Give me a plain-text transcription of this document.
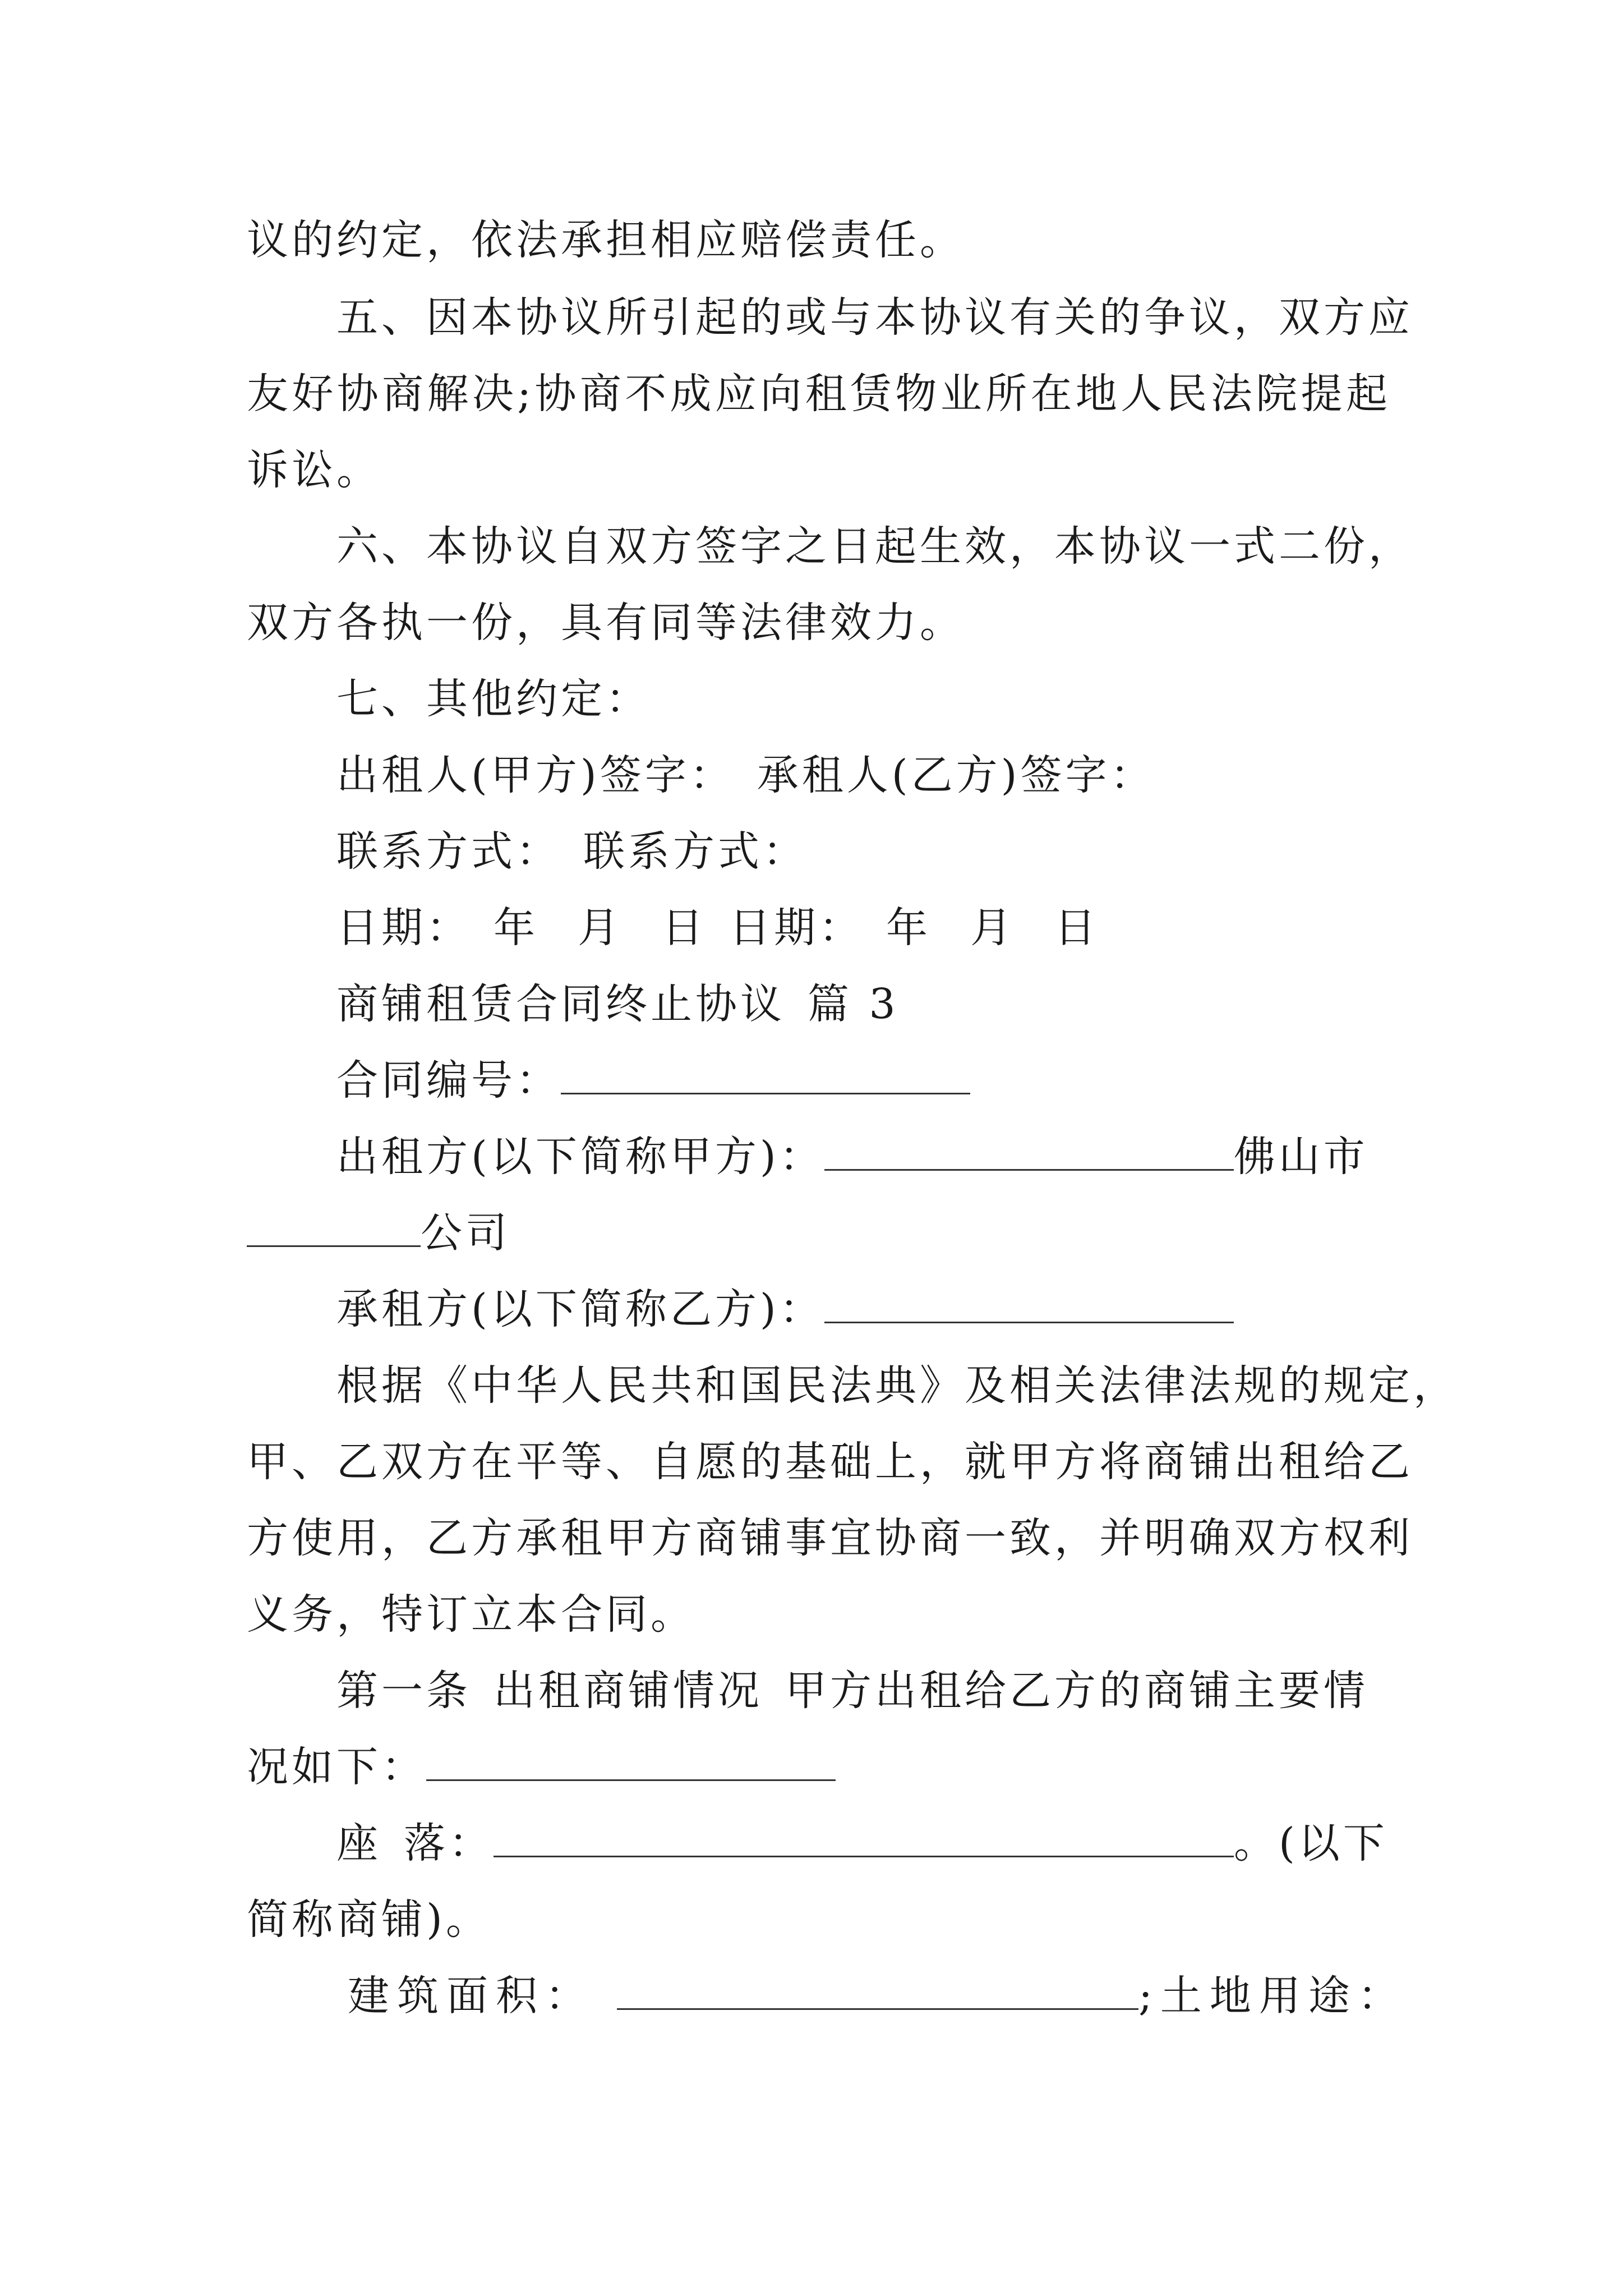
议的约定，依法承担相应赔偿责任。
五、因本协议所引起的或与本协议有关的争议，双方应
友好协商解决;协商不成应向租赁物业所在地人民法院提起
诉讼。
六、本协议自双方签字之日起生效，本协议一式二份，
双方各执一份，具有同等法律效力。
七、其他约定：
出租人(甲方)签字： 承租人(乙方)签字：
联系方式： 联系方式：
日期： 年 月 日 日期： 年 月 日
商铺租赁合同终止协议 篇 3
合同编号：
出租方(以下简称甲方)：	佛山市
公司
承租方(以下简称乙方)：
根据《中华人民共和国民法典》及相关法律法规的规定，
甲、乙双方在平等、自愿的基础上，就甲方将商铺出租给乙
方使用，乙方承租甲方商铺事宜协商一致，并明确双方权利
义务，特订立本合同。
第一条 出租商铺情况 甲方出租给乙方的商铺主要情
况如下：
座 落：	。(以下
简称商铺)。
建筑面积：	;土地用途：
